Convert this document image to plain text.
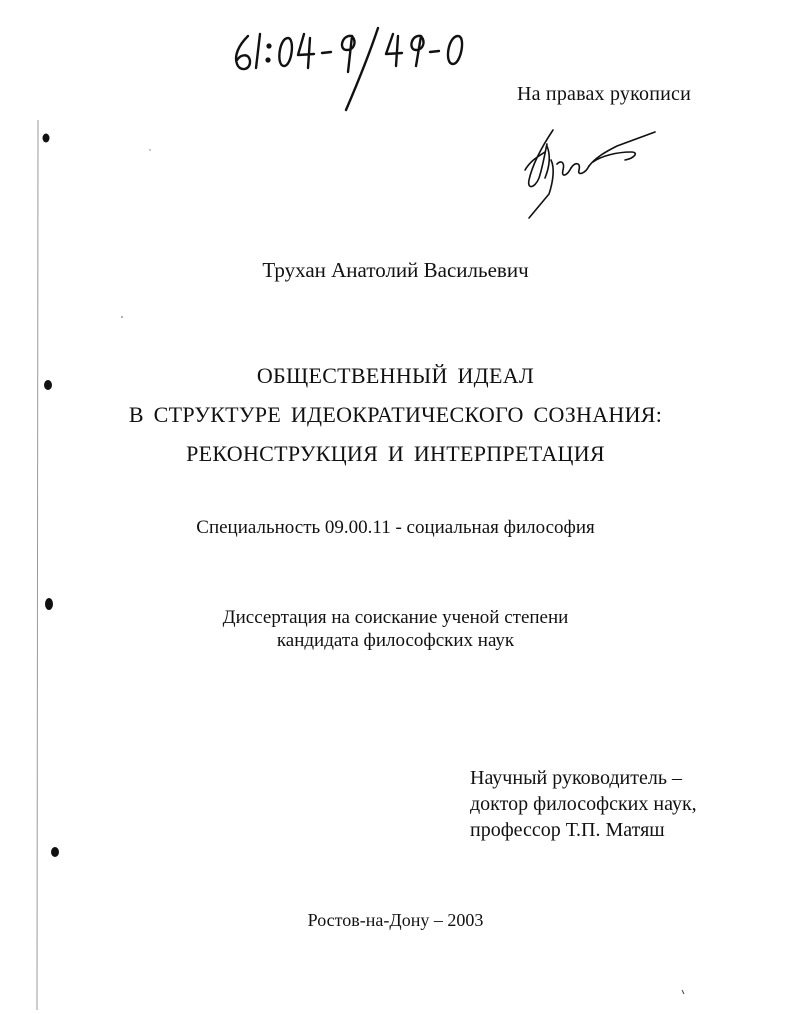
На правах рукописи
Трухан Анатолий Васильевич
ОБЩЕСТВЕННЫЙ ИДЕАЛ
В СТРУКТУРЕ ИДЕОКРАТИЧЕСКОГО СОЗНАНИЯ:
РЕКОНСТРУКЦИЯ И ИНТЕРПРЕТАЦИЯ
Специальность 09.00.11 - социальная философия
Диссертация на соискание ученой степени
кандидата философских наук
Научный руководитель –
доктор философских наук,
профессор Т.П. Матяш
Ростов-на-Дону – 2003
